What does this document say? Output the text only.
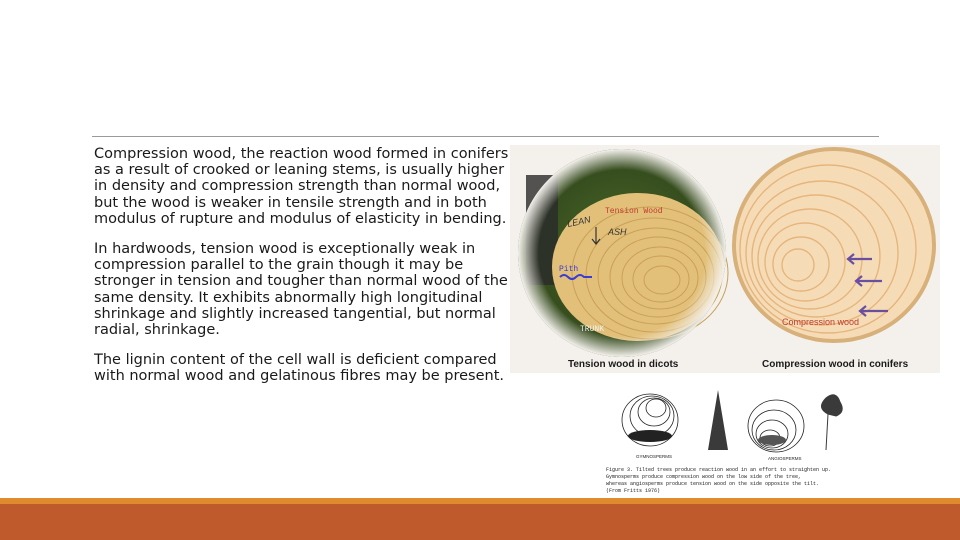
Compression wood, the reaction wood formed in conifers as a result of crooked or leaning stems, is usually higher in density and compression strength than normal wood, but the wood is weaker in tensile strength and in both modulus of rupture and modulus of elasticity in bending.

In hardwoods, tension wood is exceptionally weak in compression parallel to the grain though it may be stronger in tension and tougher than normal wood of the same density. It exhibits abnormally high longitudinal shrinkage and slightly increased tangential, but normal radial, shrinkage.

The lignin content of the cell wall is deficient compared with normal wood and gelatinous fibres may be present.

Tension Wood
LEAN
ASH
Pith
TRUNK
Tension wood in dicots
Compression wood
Compression wood in conifers
GYMNOSPERMS	ANGIOSPERMS
Figure 3. Tilted trees produce reaction wood in an effort to straighten up.
Gymnosperms produce compression wood on the low side of the tree,
whereas angiosperms produce tension wood on the side opposite the tilt.
(From Fritts 1976)
